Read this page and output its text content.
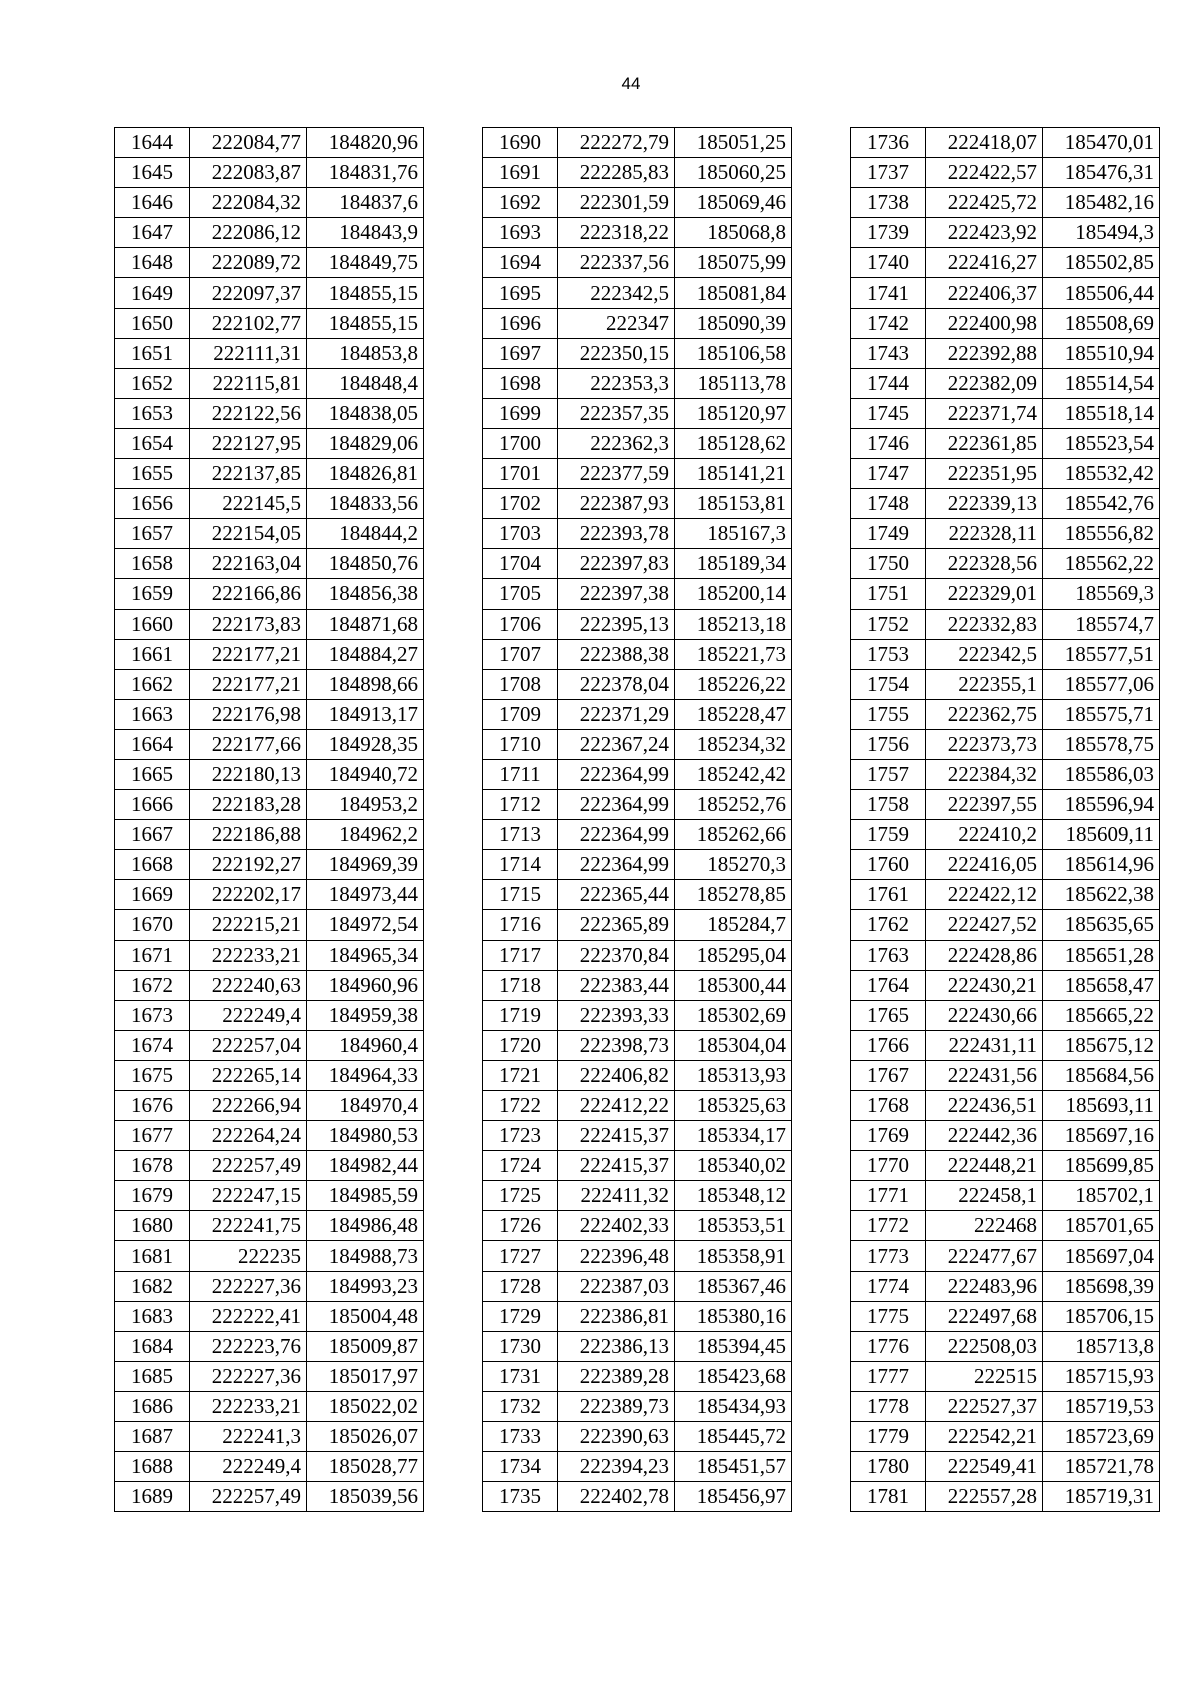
44
1644	222084,77	184820,96
1645	222083,87	184831,76
1646	222084,32	184837,6
1647	222086,12	184843,9
1648	222089,72	184849,75
1649	222097,37	184855,15
1650	222102,77	184855,15
1651	222111,31	184853,8
1652	222115,81	184848,4
1653	222122,56	184838,05
1654	222127,95	184829,06
1655	222137,85	184826,81
1656	222145,5	184833,56
1657	222154,05	184844,2
1658	222163,04	184850,76
1659	222166,86	184856,38
1660	222173,83	184871,68
1661	222177,21	184884,27
1662	222177,21	184898,66
1663	222176,98	184913,17
1664	222177,66	184928,35
1665	222180,13	184940,72
1666	222183,28	184953,2
1667	222186,88	184962,2
1668	222192,27	184969,39
1669	222202,17	184973,44
1670	222215,21	184972,54
1671	222233,21	184965,34
1672	222240,63	184960,96
1673	222249,4	184959,38
1674	222257,04	184960,4
1675	222265,14	184964,33
1676	222266,94	184970,4
1677	222264,24	184980,53
1678	222257,49	184982,44
1679	222247,15	184985,59
1680	222241,75	184986,48
1681	222235	184988,73
1682	222227,36	184993,23
1683	222222,41	185004,48
1684	222223,76	185009,87
1685	222227,36	185017,97
1686	222233,21	185022,02
1687	222241,3	185026,07
1688	222249,4	185028,77
1689	222257,49	185039,56
1690	222272,79	185051,25
1691	222285,83	185060,25
1692	222301,59	185069,46
1693	222318,22	185068,8
1694	222337,56	185075,99
1695	222342,5	185081,84
1696	222347	185090,39
1697	222350,15	185106,58
1698	222353,3	185113,78
1699	222357,35	185120,97
1700	222362,3	185128,62
1701	222377,59	185141,21
1702	222387,93	185153,81
1703	222393,78	185167,3
1704	222397,83	185189,34
1705	222397,38	185200,14
1706	222395,13	185213,18
1707	222388,38	185221,73
1708	222378,04	185226,22
1709	222371,29	185228,47
1710	222367,24	185234,32
1711	222364,99	185242,42
1712	222364,99	185252,76
1713	222364,99	185262,66
1714	222364,99	185270,3
1715	222365,44	185278,85
1716	222365,89	185284,7
1717	222370,84	185295,04
1718	222383,44	185300,44
1719	222393,33	185302,69
1720	222398,73	185304,04
1721	222406,82	185313,93
1722	222412,22	185325,63
1723	222415,37	185334,17
1724	222415,37	185340,02
1725	222411,32	185348,12
1726	222402,33	185353,51
1727	222396,48	185358,91
1728	222387,03	185367,46
1729	222386,81	185380,16
1730	222386,13	185394,45
1731	222389,28	185423,68
1732	222389,73	185434,93
1733	222390,63	185445,72
1734	222394,23	185451,57
1735	222402,78	185456,97
1736	222418,07	185470,01
1737	222422,57	185476,31
1738	222425,72	185482,16
1739	222423,92	185494,3
1740	222416,27	185502,85
1741	222406,37	185506,44
1742	222400,98	185508,69
1743	222392,88	185510,94
1744	222382,09	185514,54
1745	222371,74	185518,14
1746	222361,85	185523,54
1747	222351,95	185532,42
1748	222339,13	185542,76
1749	222328,11	185556,82
1750	222328,56	185562,22
1751	222329,01	185569,3
1752	222332,83	185574,7
1753	222342,5	185577,51
1754	222355,1	185577,06
1755	222362,75	185575,71
1756	222373,73	185578,75
1757	222384,32	185586,03
1758	222397,55	185596,94
1759	222410,2	185609,11
1760	222416,05	185614,96
1761	222422,12	185622,38
1762	222427,52	185635,65
1763	222428,86	185651,28
1764	222430,21	185658,47
1765	222430,66	185665,22
1766	222431,11	185675,12
1767	222431,56	185684,56
1768	222436,51	185693,11
1769	222442,36	185697,16
1770	222448,21	185699,85
1771	222458,1	185702,1
1772	222468	185701,65
1773	222477,67	185697,04
1774	222483,96	185698,39
1775	222497,68	185706,15
1776	222508,03	185713,8
1777	222515	185715,93
1778	222527,37	185719,53
1779	222542,21	185723,69
1780	222549,41	185721,78
1781	222557,28	185719,31
